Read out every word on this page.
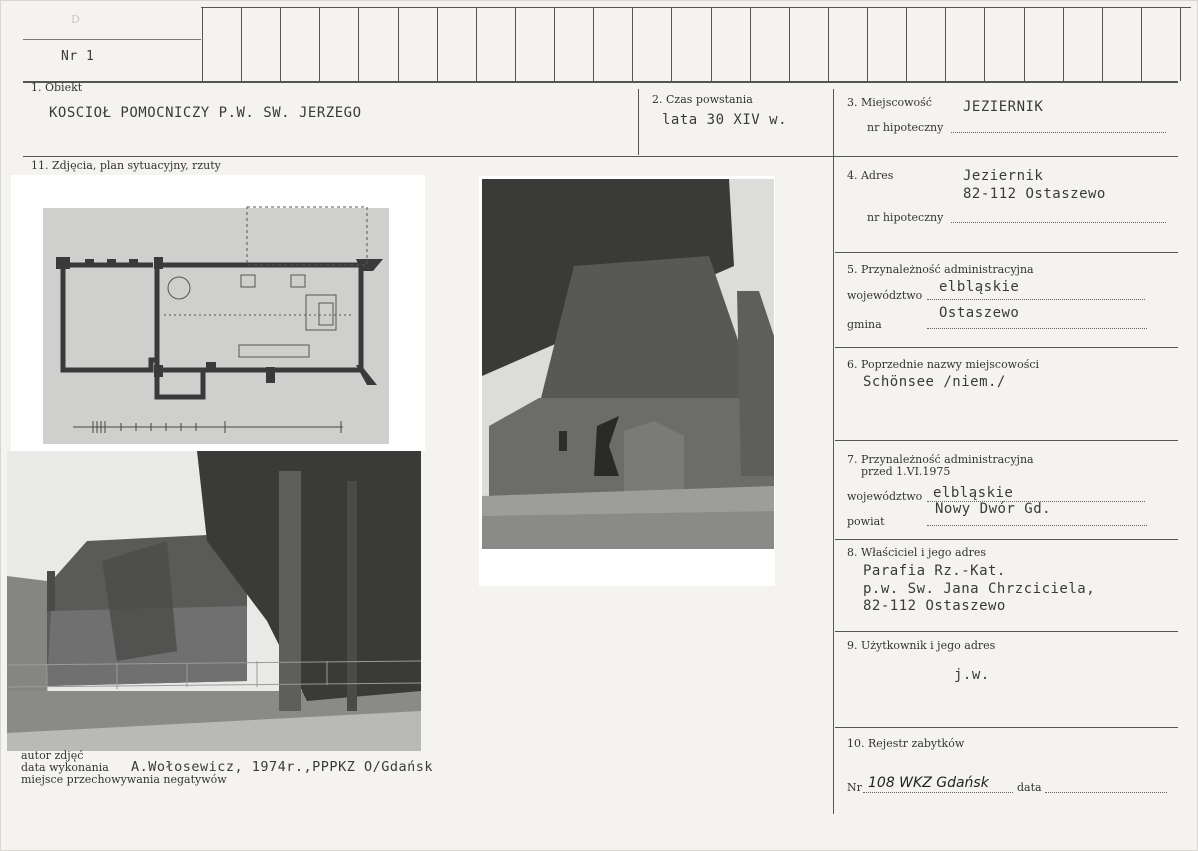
D
Nr 1
1. Obiekt
KOSCIOŁ POMOCNICZY P.W. SW. JERZEGO
2. Czas powstania
lata 30 XIV w.
3. Miejscowość JEZIERNIK
nr hipoteczny
11. Zdjęcia, plan sytuacyjny, rzuty
4. Adres	Jeziernik
82-112 Ostaszewo
nr hipoteczny
5. Przynależność administracyjna
województwo
elbląskie
gmina
Ostaszewo
6. Poprzednie nazwy miejscowości
Schönsee /niem./
7. Przynależność administracyjna
przed 1.VI.1975
województwo elbląskie
powiat
Nowy Dwór Gd.
8. Właściciel i jego adres
Parafia Rz.-Kat.
p.w. Sw. Jana Chrzciciela,
82-112 Ostaszewo
9. Użytkownik i jego adres
j.w.
10. Rejestr zabytków
Nr 108 WKZ Gdańsk	data
autor zdjęć
data wykonania
miejsce przechowywania negatywów
A.Wołosewicz, 1974r.,PPPKZ O/Gdańsk
